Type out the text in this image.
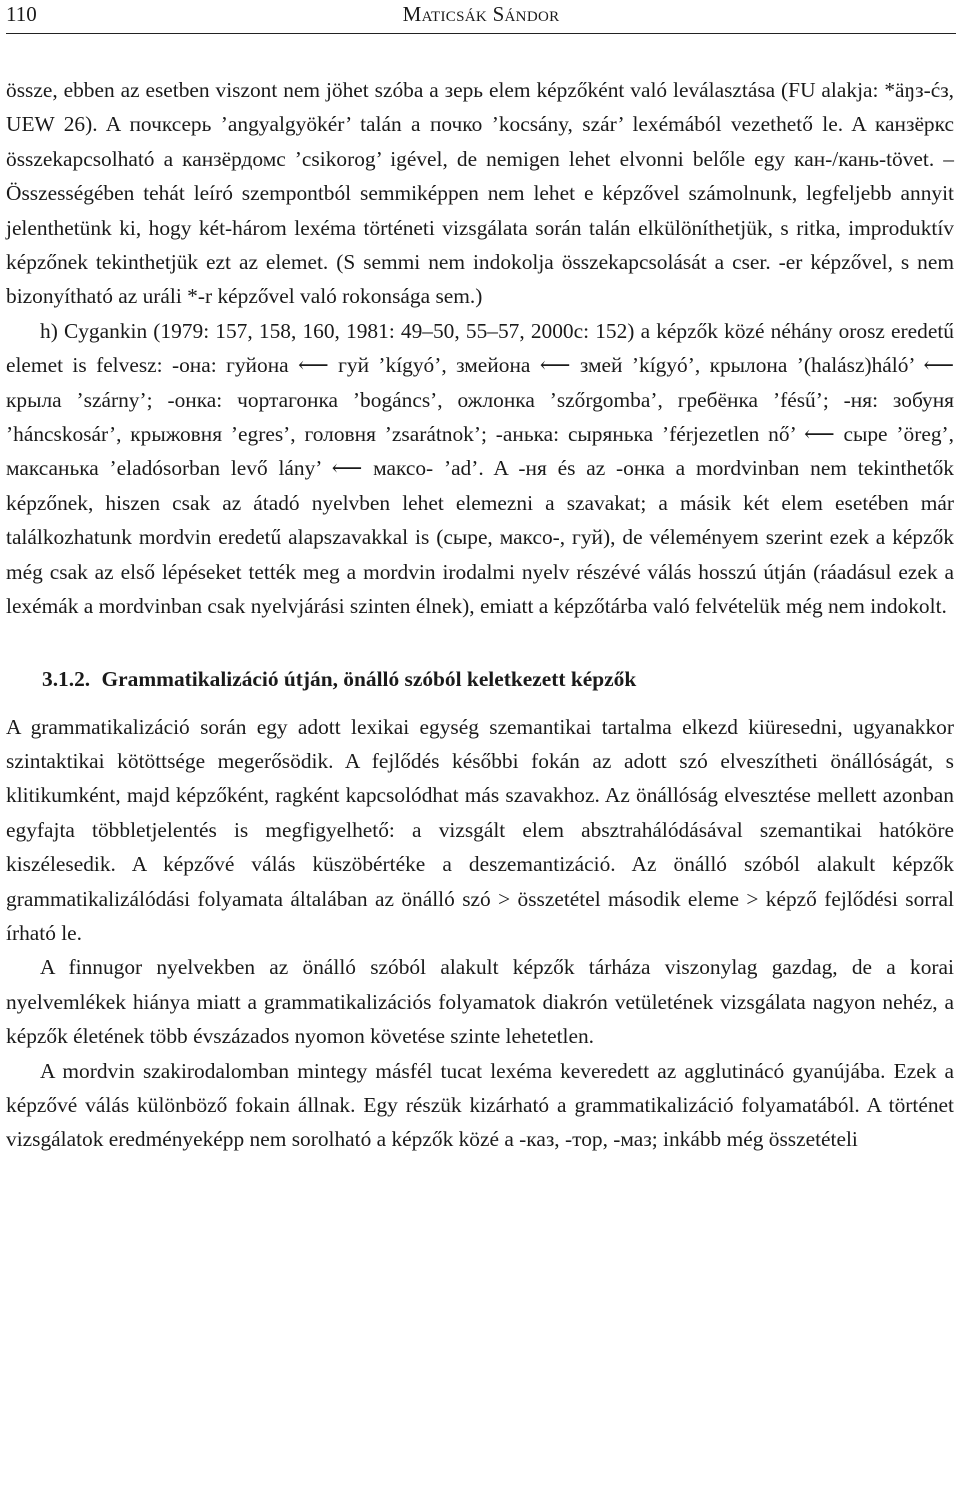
110	Maticsák Sándor

össze, ebben az esetben viszont nem jöhet szóba a зерь elem képzőként való leválasztása (FU alakja: *äŋз-ćз, UEW 26). A почксерь ’angyalgyökér’ talán a почко ’kocsány, szár’ lexémából vezethető le. A канзёркс összekapcsolható a канзёрдомс ’csikorog’ igével, de nemigen lehet elvonni belőle egy кан-/кань-tövet. – Összességében tehát leíró szempontból semmiképpen nem lehet e képzővel számolnunk, legfeljebb annyit jelenthetünk ki, hogy két-három lexéma történeti vizsgálata során talán elkülöníthetjük, s ritka, improduktív képzőnek tekinthetjük ezt az elemet. (S semmi nem indokolja összekapcsolását a cser. -er képzővel, s nem bizonyítható az uráli *-r képzővel való rokonsága sem.)

h) Cygankin (1979: 157, 158, 160, 1981: 49–50, 55–57, 2000c: 152) a képzők közé néhány orosz eredetű elemet is felvesz: -она: гуйона ⟵ гуй ’kígyó’, змейона ⟵ змей ’kígyó’, крылона ’(halász)háló’ ⟵ крыла ’szárny’; -онка: чортагонка ’bogáncs’, ожлонка ’szőrgomba’, гребёнка ’fésű’; -ня: зобуня ’háncskosár’, крыжовня ’egres’, головня ’zsarátnok’; -анька: сырянька ’férjezetlen nő’ ⟵ сыре ’öreg’, максанька ’eladósorban levő lány’ ⟵ максо- ’ad’. A -ня és az -онка a mordvinban nem tekinthetők képzőnek, hiszen csak az átadó nyelvben lehet elemezni a szavakat; a másik két elem esetében már találkozhatunk mordvin eredetű alapszavakkal is (сыре, максо-, гуй), de véleményem szerint ezek a képzők még csak az első lépéseket tették meg a mordvin irodalmi nyelv részévé válás hosszú útján (ráadásul ezek a lexémák a mordvinban csak nyelvjárási szinten élnek), emiatt a képzőtárba való felvételük még nem indokolt.

3.1.2. Grammatikalizáció útján, önálló szóból keletkezett képzők

A grammatikalizáció során egy adott lexikai egység szemantikai tartalma elkezd kiüresedni, ugyanakkor szintaktikai kötöttsége megerősödik. A fejlődés későbbi fokán az adott szó elveszítheti önállóságát, s klitikumként, majd képzőként, ragként kapcsolódhat más szavakhoz. Az önállóság elvesztése mellett azonban egyfajta többletjelentés is megfigyelhető: a vizsgált elem absztrahálódásával szemantikai hatóköre kiszélesedik. A képzővé válás küszöbértéke a deszemantizáció. Az önálló szóból alakult képzők grammatikalizálódási folyamata általában az önálló szó > összetétel második eleme > képző fejlődési sorral írható le.

A finnugor nyelvekben az önálló szóból alakult képzők tárháza viszonylag gazdag, de a korai nyelvemlékek hiánya miatt a grammatikalizációs folyamatok diakrón vetületének vizsgálata nagyon nehéz, a képzők életének több évszázados nyomon követése szinte lehetetlen.

A mordvin szakirodalomban mintegy másfél tucat lexéma keveredett az agglutinácó gyanújába. Ezek a képzővé válás különböző fokain állnak. Egy részük kizárható a grammatikalizáció folyamatából. A történet vizsgálatok eredményeképp nem sorolható a képzők közé a -каз, -тор, -маз; inkább még összetételi
